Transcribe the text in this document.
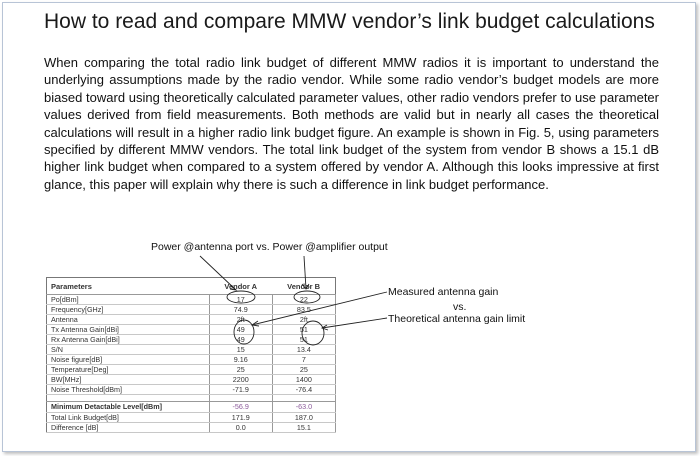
How to read and compare MMW vendor’s link budget calculations

When comparing the total radio link budget of different MMW radios it is important to understand the underlying assumptions made by the radio vendor. While some radio vendor’s budget models are more biased toward using theoretically calculated parameter values, other radio vendors prefer to use parameter values derived from field measurements. Both methods are valid but in nearly all cases the theoretical calculations will result in a higher radio link budget figure. An example is shown in Fig. 5, using parameters specified by different MMW vendors. The total link budget of the system from vendor B shows a 15.1 dB higher link budget when compared to a system offered by vendor A. Although this looks impressive at first glance, this paper will explain why there is such a difference in link budget performance.

Power @antenna port vs. Power @amplifier output
Measured antenna gain
vs.
Theoretical antenna gain limit
Parameters	Vendor A	Vendor B
Po[dBm]	17	22
Frequency[GHz]	74.9	83.5
Antenna	2ft	2ft
Tx Antenna Gain[dBi]	49	51
Rx Antenna Gain[dBi]	49	51
S/N	15	13.4
Noise figure[dB]	9.16	7
Temperature[Deg]	25	25
BW[MHz]	2200	1400
Noise Threshold[dBm]	-71.9	-76.4

Minimum Detactable Level[dBm]	-56.9	-63.0
Total Link Budget[dB]	171.9	187.0
Difference [dB]	0.0	15.1
